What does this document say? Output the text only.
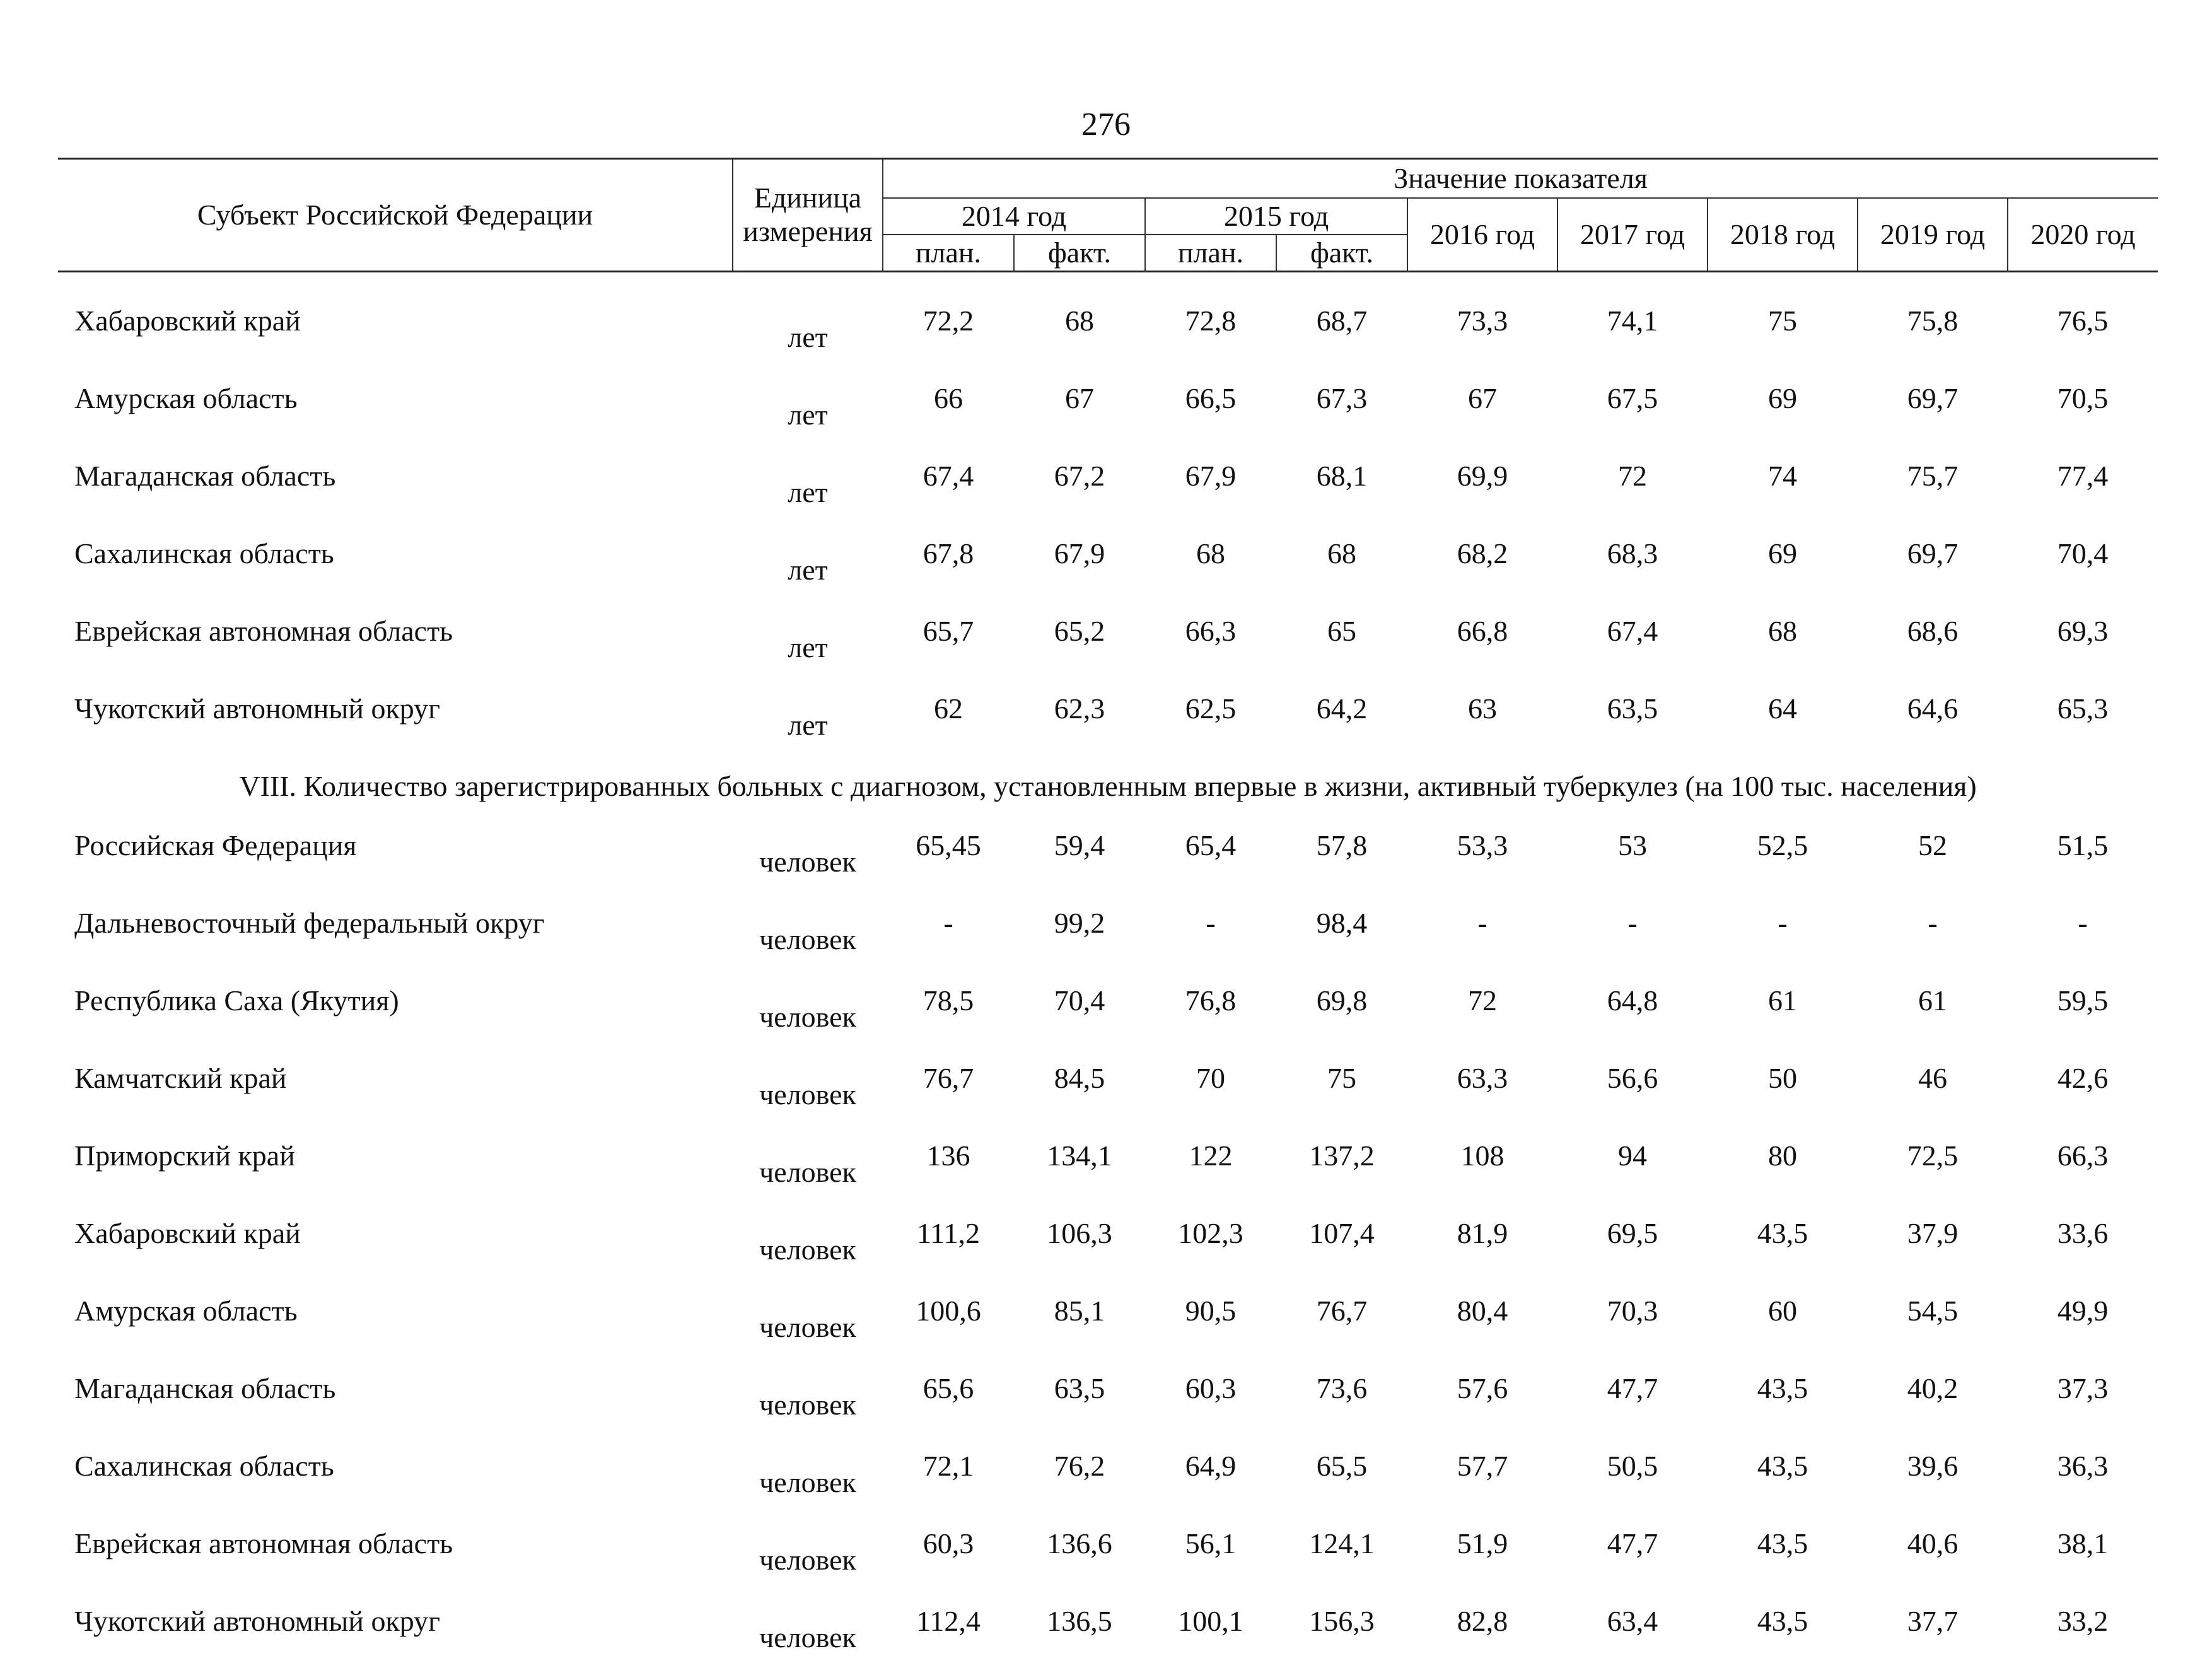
276
Субъект Российской Федерации	Единица измерения	Значение показателя								
		2014 год		2015 год		2016 год	2017 год	2018 год	2019 год	2020 год
		план.	факт.	план.	факт.					

Хабаровский край	лет	72,2	68	72,8	68,7	73,3	74,1	75	75,8	76,5
Амурская область	лет	66	67	66,5	67,3	67	67,5	69	69,7	70,5
Магаданская область	лет	67,4	67,2	67,9	68,1	69,9	72	74	75,7	77,4
Сахалинская область	лет	67,8	67,9	68	68	68,2	68,3	69	69,7	70,4
Еврейская автономная область	лет	65,7	65,2	66,3	65	66,8	67,4	68	68,6	69,3
Чукотский автономный округ	лет	62	62,3	62,5	64,2	63	63,5	64	64,6	65,3
VIII. Количество зарегистрированных больных с диагнозом, установленным впервые в жизни, активный туберкулез (на 100 тыс. населения)										
Российская Федерация	человек	65,45	59,4	65,4	57,8	53,3	53	52,5	52	51,5
Дальневосточный федеральный округ	человек	-	99,2	-	98,4	-	-	-	-	-
Республика Саха (Якутия)	человек	78,5	70,4	76,8	69,8	72	64,8	61	61	59,5
Камчатский край	человек	76,7	84,5	70	75	63,3	56,6	50	46	42,6
Приморский край	человек	136	134,1	122	137,2	108	94	80	72,5	66,3
Хабаровский край	человек	111,2	106,3	102,3	107,4	81,9	69,5	43,5	37,9	33,6
Амурская область	человек	100,6	85,1	90,5	76,7	80,4	70,3	60	54,5	49,9
Магаданская область	человек	65,6	63,5	60,3	73,6	57,6	47,7	43,5	40,2	37,3
Сахалинская область	человек	72,1	76,2	64,9	65,5	57,7	50,5	43,5	39,6	36,3
Еврейская автономная область	человек	60,3	136,6	56,1	124,1	51,9	47,7	43,5	40,6	38,1
Чукотский автономный округ	человек	112,4	136,5	100,1	156,3	82,8	63,4	43,5	37,7	33,2
